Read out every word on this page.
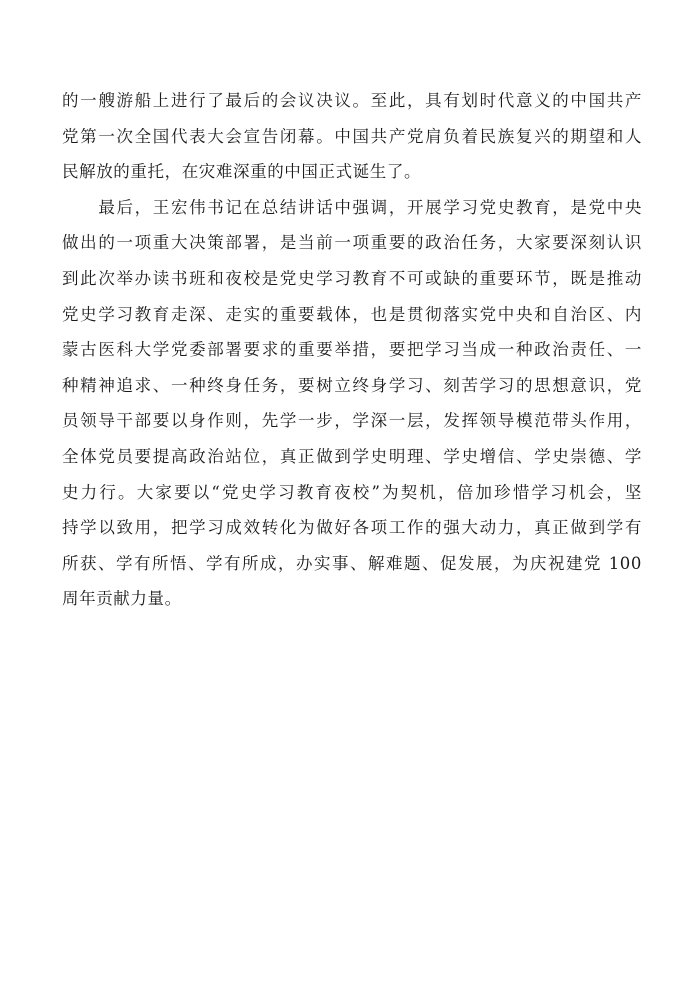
的一艘游船上进行了最后的会议决议。至此，具有划时代意义的中国共产
党第一次全国代表大会宣告闭幕。中国共产党肩负着民族复兴的期望和人
民解放的重托，在灾难深重的中国正式诞生了。
　　最后，王宏伟书记在总结讲话中强调，开展学习党史教育，是党中央
做出的一项重大决策部署，是当前一项重要的政治任务，大家要深刻认识
到此次举办读书班和夜校是党史学习教育不可或缺的重要环节，既是推动
党史学习教育走深、走实的重要载体，也是贯彻落实党中央和自治区、内
蒙古医科大学党委部署要求的重要举措，要把学习当成一种政治责任、一
种精神追求、一种终身任务，要树立终身学习、刻苦学习的思想意识，党
员领导干部要以身作则，先学一步，学深一层，发挥领导模范带头作用，
全体党员要提高政治站位，真正做到学史明理、学史增信、学史崇德、学
史力行。大家要以“党史学习教育夜校”为契机，倍加珍惜学习机会，坚
持学以致用，把学习成效转化为做好各项工作的强大动力，真正做到学有
所获、学有所悟、学有所成，办实事、解难题、促发展，为庆祝建党 100
周年贡献力量。
